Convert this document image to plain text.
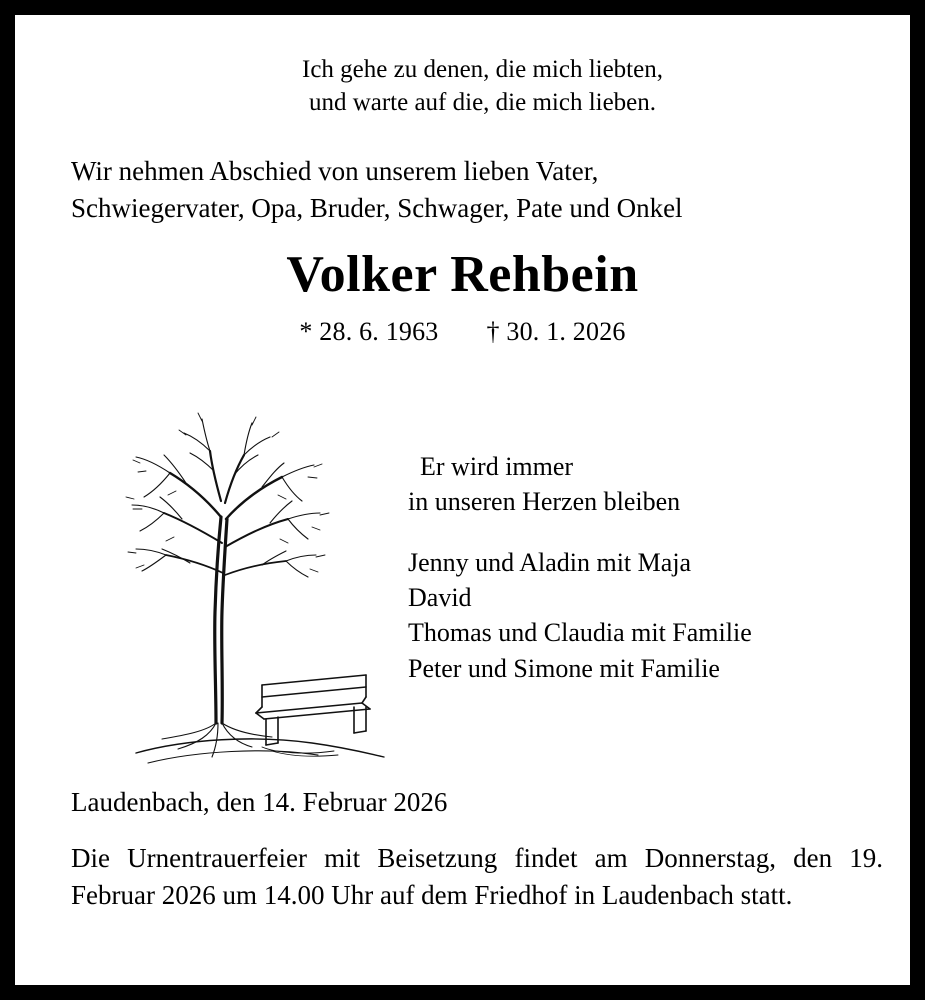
Ich gehe zu denen, die mich liebten,
und warte auf die, die mich lieben.
Wir nehmen Abschied von unserem lieben Vater,
Schwiegervater, Opa, Bruder, Schwager, Pate und Onkel
Volker Rehbein
* 28. 6. 1963 † 30. 1. 2026
Er wird immer
in unseren Herzen bleiben
Jenny und Aladin mit Maja
David
Thomas und Claudia mit Familie
Peter und Simone mit Familie
Laudenbach, den 14. Februar 2026
Die Urnentrauerfeier mit Beisetzung findet am Donnerstag, den 19. Februar 2026 um 14.00 Uhr auf dem Friedhof in Laudenbach statt.
